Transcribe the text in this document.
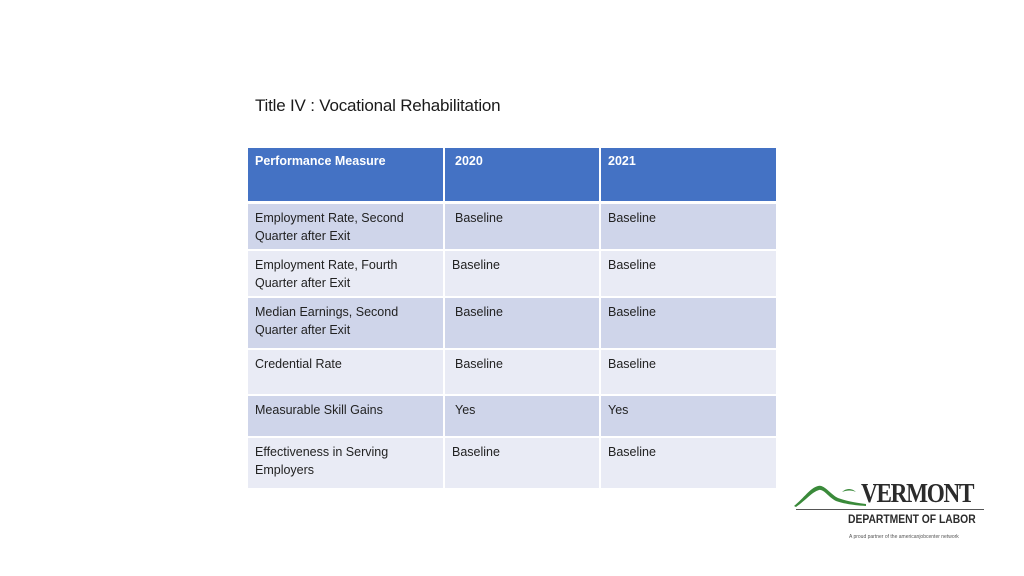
Title IV : Vocational Rehabilitation
Performance Measure	2020	2021
Employment Rate, Second Quarter after Exit	Baseline	Baseline
Employment Rate, Fourth Quarter after Exit	Baseline	Baseline
Median Earnings, Second Quarter after Exit	Baseline	Baseline
Credential Rate	Baseline	Baseline
Measurable Skill Gains	Yes	Yes
Effectiveness in Serving Employers	Baseline	Baseline
VERMONT
DEPARTMENT OF LABOR
A proud partner of the americanjobcenter network
